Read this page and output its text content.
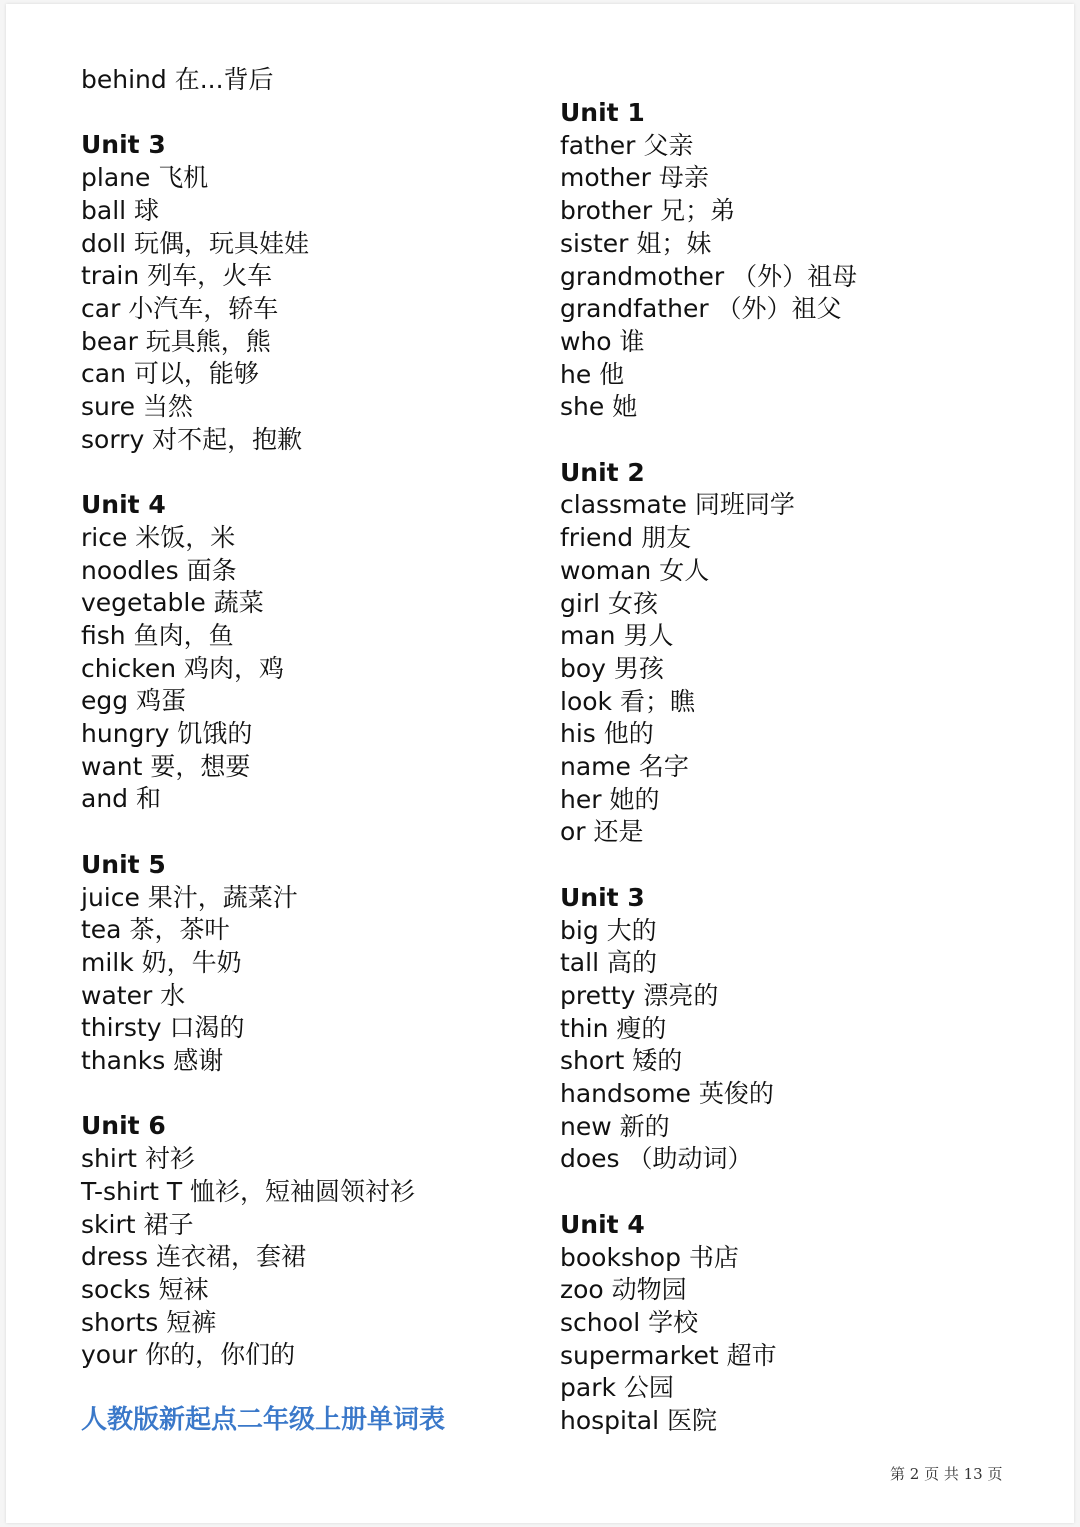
behind 在...背后
Unit 3
plane 飞机
ball 球
doll 玩偶，玩具娃娃
train 列车，火车
car 小汽车，轿车
bear 玩具熊，熊
can 可以，能够
sure 当然
sorry 对不起，抱歉
Unit 4
rice 米饭，米
noodles 面条
vegetable 蔬菜
fish 鱼肉，鱼
chicken 鸡肉，鸡
egg 鸡蛋
hungry 饥饿的
want 要，想要
and 和
Unit 5
juice 果汁，蔬菜汁
tea 茶，茶叶
milk 奶，牛奶
water 水
thirsty 口渴的
thanks 感谢
Unit 6
shirt 衬衫
T-shirt T 恤衫，短袖圆领衬衫
skirt 裙子
dress 连衣裙，套裙
socks 短袜
shorts 短裤
your 你的，你们的
Unit 1
father 父亲
mother 母亲
brother 兄；弟
sister 姐；妹
grandmother （外）祖母
grandfather （外）祖父
who 谁
he 他
she 她
Unit 2
classmate 同班同学
friend 朋友
woman 女人
girl 女孩
man 男人
boy 男孩
look 看；瞧
his 他的
name 名字
her 她的
or 还是
Unit 3
big 大的
tall 高的
pretty 漂亮的
thin 瘦的
short 矮的
handsome 英俊的
new 新的
does （助动词）
Unit 4
bookshop 书店
zoo 动物园
school 学校
supermarket 超市
park 公园
hospital 医院
人教版新起点二年级上册单词表
第 2 页 共 13 页
